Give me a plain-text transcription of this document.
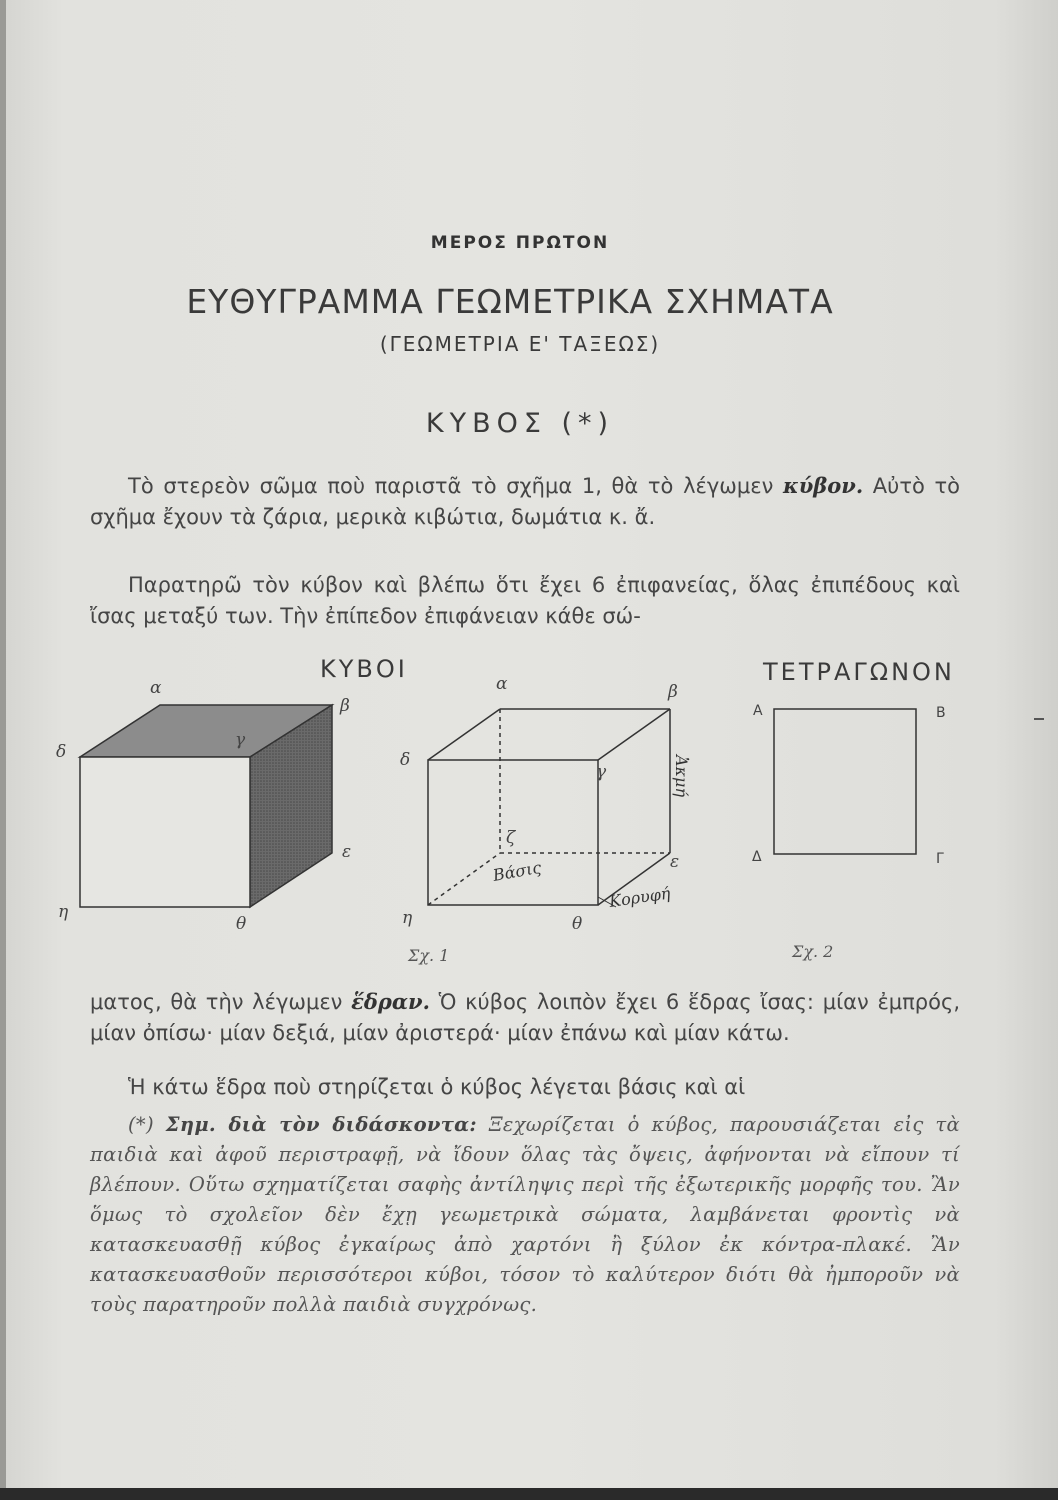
ΜΕΡΟΣ ΠΡΩΤΟΝ
ΕΥΘΥΓΡΑΜΜΑ ΓΕΩΜΕΤΡΙΚΑ ΣΧΗΜΑΤΑ
(ΓΕΩΜΕΤΡΙΑ Ε' ΤΑΞΕΩΣ)
ΚΥΒΟΣ (*)

Τὸ στερεὸν σῶμα ποὺ παριστᾶ τὸ σχῆμα 1, θὰ τὸ λέγωμεν κύβον. Αὐτὸ τὸ σχῆμα ἔχουν τὰ ζάρια, μερικὰ κιβώτια, δωμάτια κ. ἄ.

Παρατηρῶ τὸν κύβον καὶ βλέπω ὅτι ἔχει 6 ἐπιφανείας, ὅλας ἐπιπέδους καὶ ἴσας μεταξύ των. Τὴν ἐπίπεδον ἐπιφάνειαν κάθε σώ-

ΚΥΒΟΙ	ΤΕΤΡΑΓΩΝΟΝ
α
β
γ
δ
ε
η
θ
α	β
γ
δ
ε
ζ
η	θ
Βάσις
Ἀκμή
Κορυφή
Α	Β
Γ
Δ
Σχ. 1	Σχ. 2

ματος, θὰ τὴν λέγωμεν ἕδραν. Ὁ κύβος λοιπὸν ἔχει 6 ἕδρας ἴσας: μίαν ἐμπρός, μίαν ὀπίσω· μίαν δεξιά, μίαν ἀριστερά· μίαν ἐπάνω καὶ μίαν κάτω.

Ἡ κάτω ἕδρα ποὺ στηρίζεται ὁ κύβος λέγεται βάσις καὶ αἱ

(*) Σημ. διὰ τὸν διδάσκοντα: Ξεχωρίζεται ὁ κύβος, παρουσιάζεται εἰς τὰ παιδιὰ καὶ ἀφοῦ περιστραφῇ, νὰ ἴδουν ὅλας τὰς ὄψεις, ἀφήνονται νὰ εἴπουν τί βλέπουν. Οὕτω σχηματίζεται σαφὴς ἀντίληψις περὶ τῆς ἐξωτερικῆς μορφῆς του. Ἂν ὅμως τὸ σχολεῖον δὲν ἔχῃ γεωμετρικὰ σώματα, λαμβάνεται φροντὶς νὰ κατασκευασθῇ κύβος ἐγκαίρως ἀπὸ χαρτόνι ἢ ξύλον ἐκ κόντρα-πλακέ. Ἂν κατασκευασθοῦν περισσότεροι κύβοι, τόσον τὸ καλύτερον διότι θὰ ἠμποροῦν νὰ τοὺς παρατηροῦν πολλὰ παιδιὰ συγχρόνως.
